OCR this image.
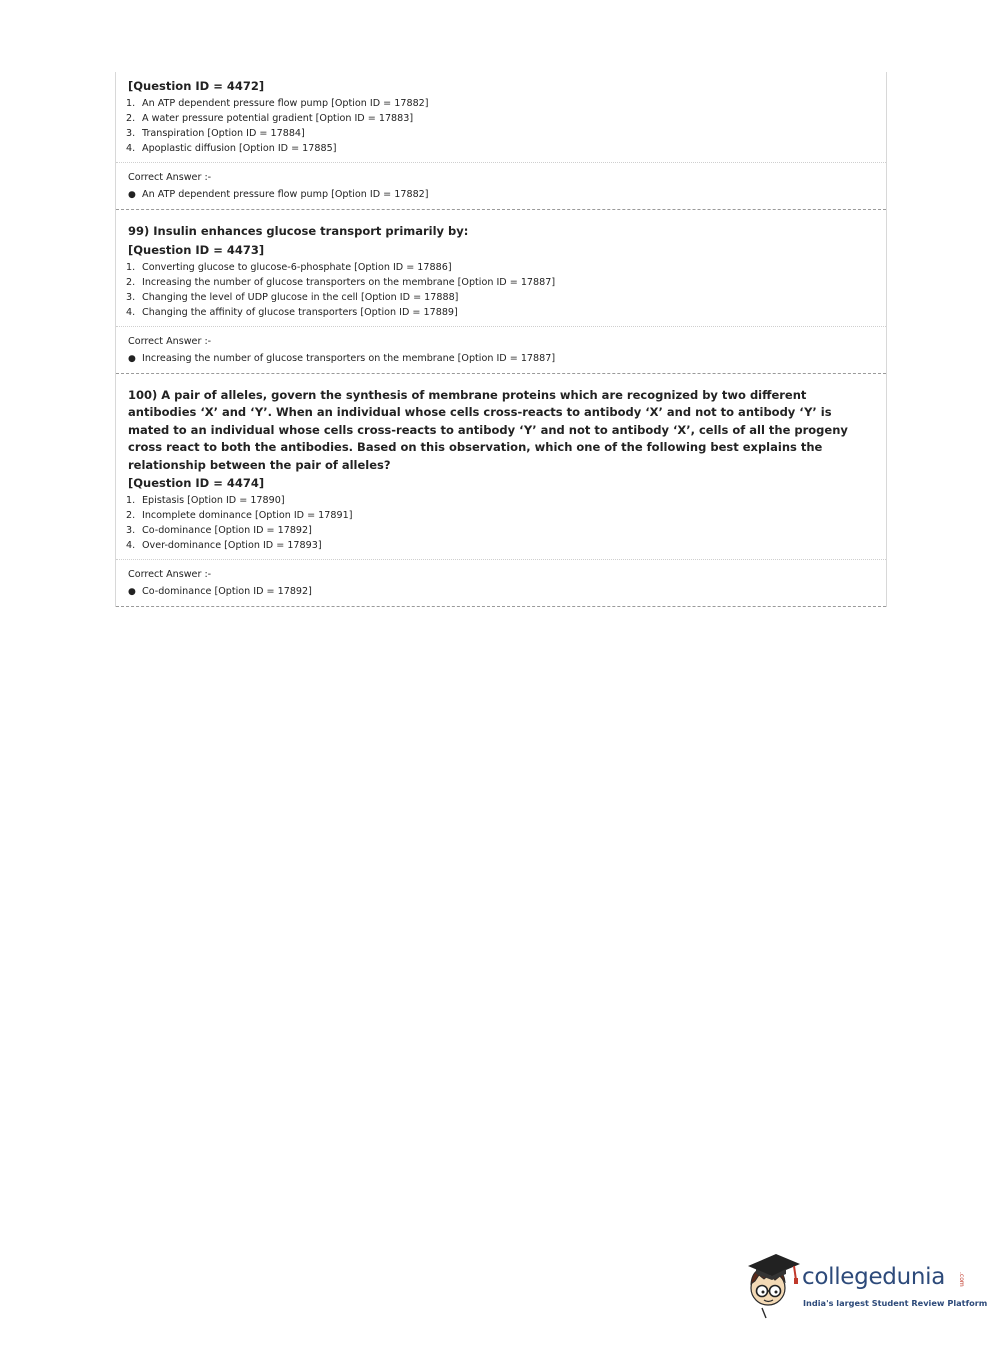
[Question ID = 4472]
1. An ATP dependent pressure flow pump [Option ID = 17882]
2. A water pressure potential gradient [Option ID = 17883]
3. Transpiration [Option ID = 17884]
4. Apoplastic diffusion [Option ID = 17885]
Correct Answer :-
● An ATP dependent pressure flow pump [Option ID = 17882]
99) Insulin enhances glucose transport primarily by:
[Question ID = 4473]
1. Converting glucose to glucose-6-phosphate [Option ID = 17886]
2. Increasing the number of glucose transporters on the membrane [Option ID = 17887]
3. Changing the level of UDP glucose in the cell [Option ID = 17888]
4. Changing the affinity of glucose transporters [Option ID = 17889]
Correct Answer :-
● Increasing the number of glucose transporters on the membrane [Option ID = 17887]
100) A pair of alleles, govern the synthesis of membrane proteins which are recognized by two different antibodies ‘X’ and ‘Y’. When an individual whose cells cross-reacts to antibody ‘X’ and not to antibody ‘Y’ is mated to an individual whose cells cross-reacts to antibody ‘Y’ and not to antibody ‘X’, cells of all the progeny cross react to both the antibodies. Based on this observation, which one of the following best explains the relationship between the pair of alleles?
[Question ID = 4474]
1. Epistasis [Option ID = 17890]
2. Incomplete dominance [Option ID = 17891]
3. Co-dominance [Option ID = 17892]
4. Over-dominance [Option ID = 17893]
Correct Answer :-
● Co-dominance [Option ID = 17892]
collegedunia .com
India's largest Student Review Platform
